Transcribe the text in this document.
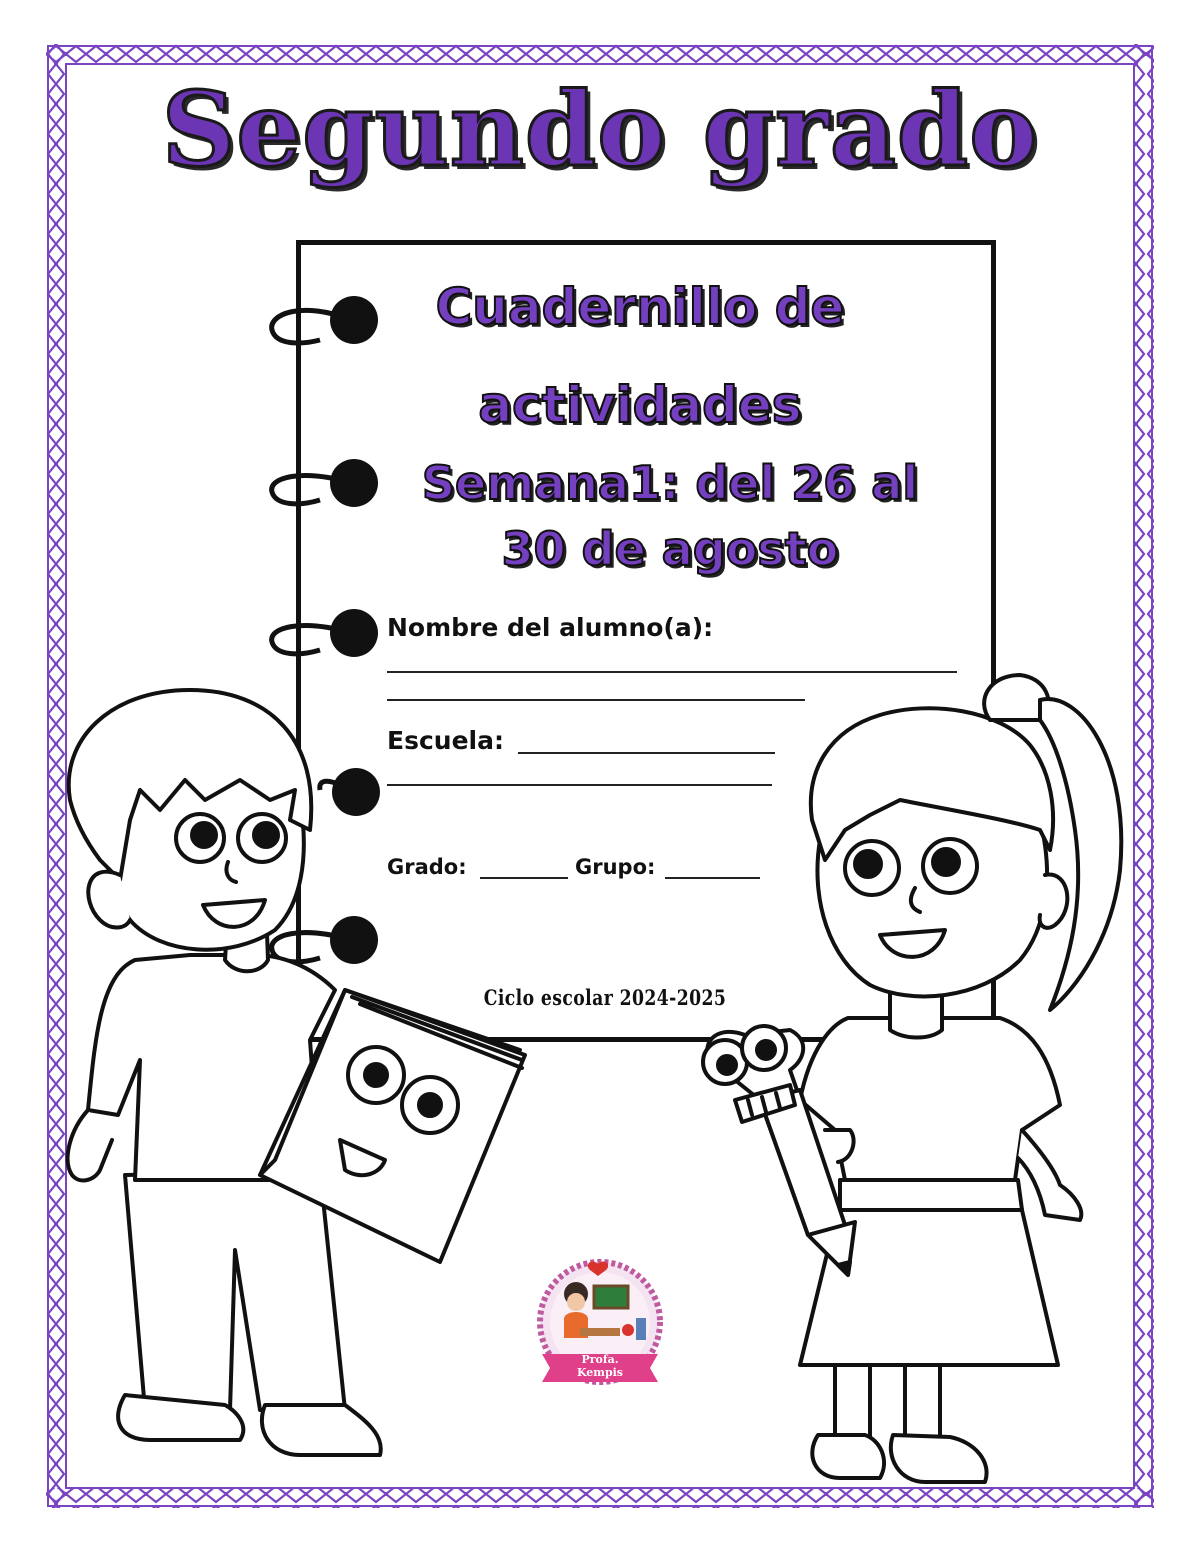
Segundo grado
Cuadernillo de
actividades
Semana1: del 26 al
30 de agosto
Nombre del alumno(a):
Escuela:
Grado:	Grupo:
Ciclo escolar 2024-2025
Profa.
Kempis
